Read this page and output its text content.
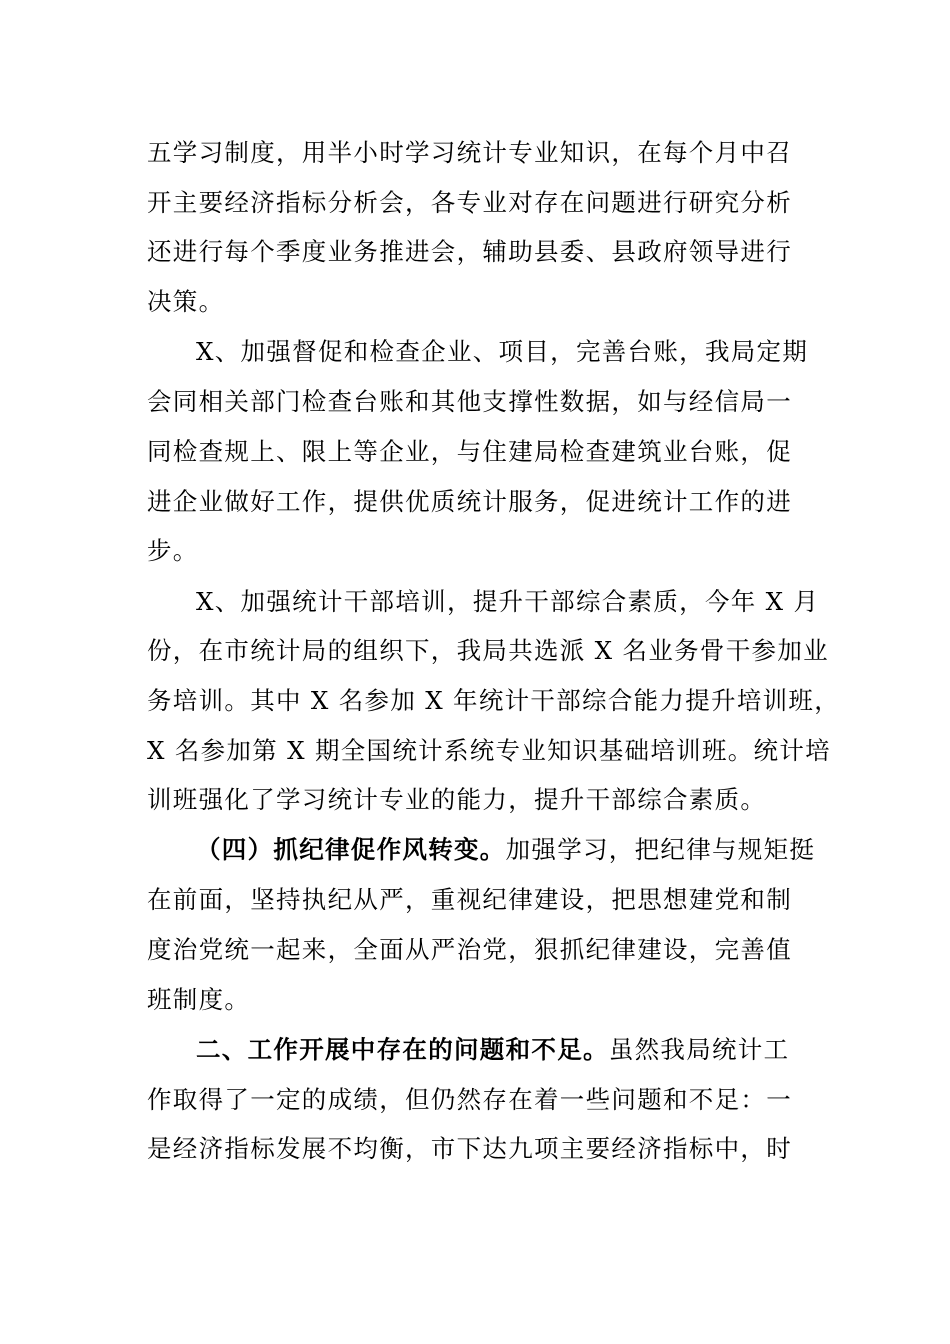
五学习制度，用半小时学习统计专业知识，在每个月中召
开主要经济指标分析会，各专业对存在问题进行研究分析
还进行每个季度业务推进会，辅助县委、县政府领导进行
决策。
X、加强督促和检查企业、项目，完善台账，我局定期
会同相关部门检查台账和其他支撑性数据，如与经信局一
同检查规上、限上等企业，与住建局检查建筑业台账，促
进企业做好工作，提供优质统计服务，促进统计工作的进
步。
X、加强统计干部培训，提升干部综合素质，今年 X 月
份，在市统计局的组织下，我局共选派 X 名业务骨干参加业
务培训。其中 X 名参加 X 年统计干部综合能力提升培训班，
X 名参加第 X 期全国统计系统专业知识基础培训班。统计培
训班强化了学习统计专业的能力，提升干部综合素质。
（四）抓纪律促作风转变。加强学习，把纪律与规矩挺
在前面，坚持执纪从严，重视纪律建设，把思想建党和制
度治党统一起来，全面从严治党，狠抓纪律建设，完善值
班制度。
二、工作开展中存在的问题和不足。虽然我局统计工
作取得了一定的成绩，但仍然存在着一些问题和不足：一
是经济指标发展不均衡，市下达九项主要经济指标中，时
